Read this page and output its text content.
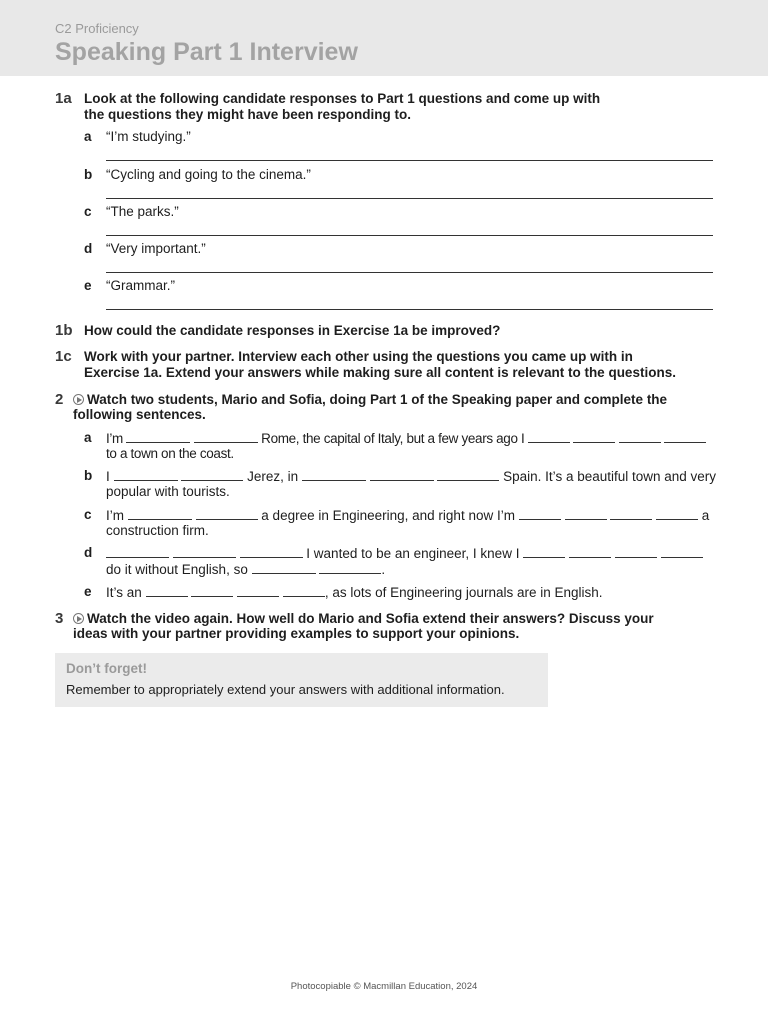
C2 Proficiency
Speaking Part 1 Interview
1a Look at the following candidate responses to Part 1 questions and come up with
the questions they might have been responding to.
a “I’m studying.”
b “Cycling and going to the cinema.”
c “The parks.”
d “Very important.”
e “Grammar.”
1b How could the candidate responses in Exercise 1a be improved?
1c Work with your partner. Interview each other using the questions you came up with in
Exercise 1a. Extend your answers while making sure all content is relevant to the questions.
2	Watch two students, Mario and Sofia, doing Part 1 of the Speaking paper and complete the
following sentences.
a I’m	Rome, the capital of Italy, but a few years ago I
to a town on the coast.
b I	Jerez, in	Spain. It’s a beautiful town and very
popular with tourists.
c I’m	a degree in Engineering, and right now I’m	a
construction firm.
d	I wanted to be an engineer, I knew I
do it without English, so	.
e It’s an	, as lots of Engineering journals are in English.
3	Watch the video again. How well do Mario and Sofia extend their answers? Discuss your
ideas with your partner providing examples to support your opinions.
Don’t forget!
Remember to appropriately extend your answers with additional information.
Photocopiable © Macmillan Education, 2024
